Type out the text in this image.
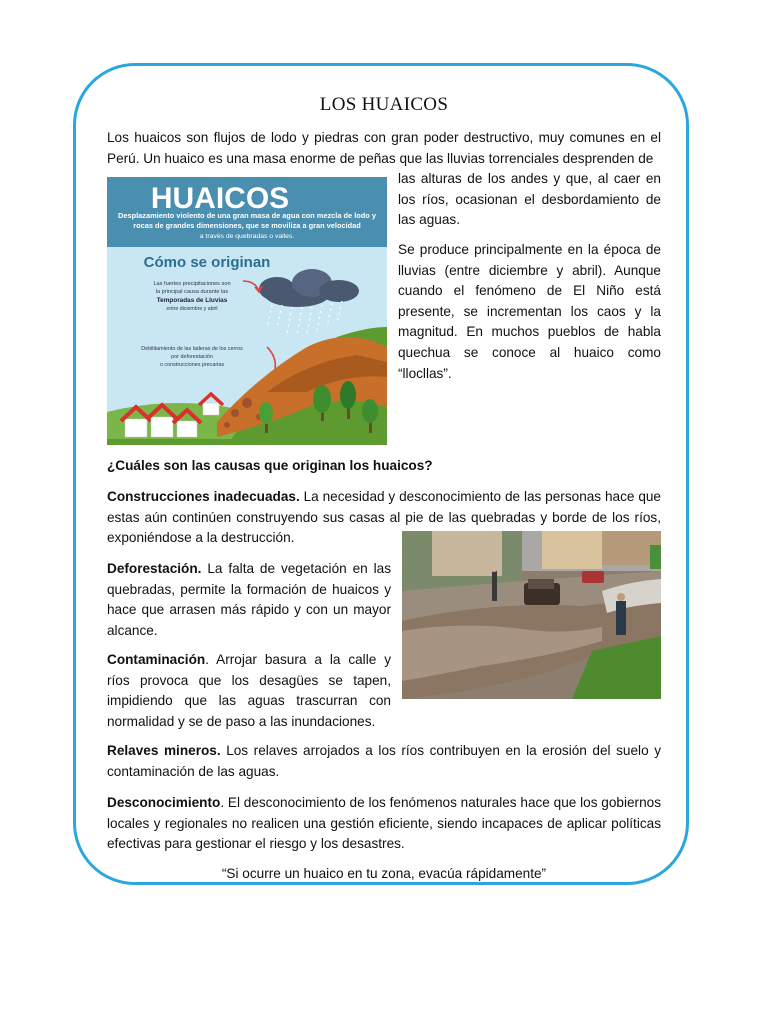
LOS HUAICOS

Los huaicos son flujos de lodo y piedras con gran poder destructivo, muy comunes en el Perú. Un huaico es una masa enorme de peñas que las lluvias torrenciales desprenden de

HUAICOS
Desplazamiento violento de una gran masa de agua con mezcla de lodo y
rocas de grandes dimensiones, que se moviliza a gran velocidad
a través de quebradas o valles.
Cómo se originan
Las fuertes precipitaciones son
la principal causa durante las
Temporadas de Lluvias
entre diciembre y abril
Debilitamiento de las laderas de los cerros
por deforestación
o construcciones precarias

las alturas de los andes y que, al caer en los ríos, ocasionan el desbordamiento de las aguas.

Se produce principalmente en la época de lluvias (entre diciembre y abril). Aunque cuando el fenómeno de El Niño está presente, se incrementan los caos y la magnitud. En muchos pueblos de habla quechua se conoce al huaico como “llocllas”.

¿Cuáles son las causas que originan los huaicos?

Construcciones inadecuadas. La necesidad y desconocimiento de las personas hace que estas aún continúen construyendo sus casas al pie de las quebradas y borde de los ríos, exponiéndose a la destrucción.

Deforestación. La falta de vegetación en las quebradas, permite la formación de huaicos y hace que arrasen más rápido y con un mayor alcance.

Contaminación. Arrojar basura a la calle y ríos provoca que los desagües se tapen, impidiendo que las aguas trascurran con normalidad y se de paso a las inundaciones.

Relaves mineros. Los relaves arrojados a los ríos contribuyen en la erosión del suelo y contaminación de las aguas.

Desconocimiento. El desconocimiento de los fenómenos naturales hace que los gobiernos locales y regionales no realicen una gestión eficiente, siendo incapaces de aplicar políticas efectivas para gestionar el riesgo y los desastres.

“Si ocurre un huaico en tu zona, evacúa rápidamente”
